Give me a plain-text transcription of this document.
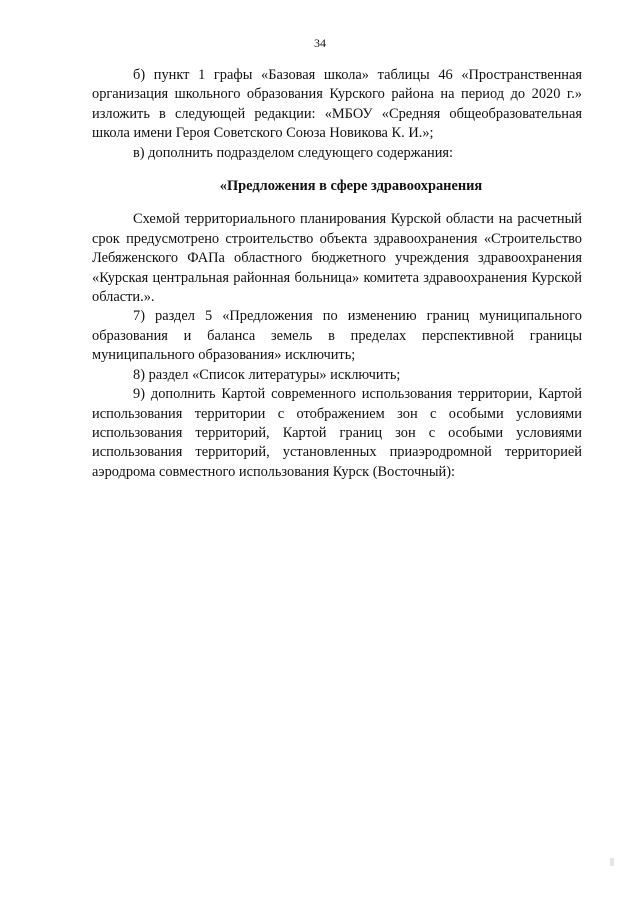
34

б) пункт 1 графы «Базовая школа» таблицы 46 «Пространственная организация школьного образования Курского района на период до 2020 г.» изложить в следующей редакции: «МБОУ «Средняя общеобразовательная школа имени Героя Советского Союза Новикова К. И.»;

в) дополнить подразделом следующего содержания:

«Предложения в сфере здравоохранения

Схемой территориального планирования Курской области на расчетный срок предусмотрено строительство объекта здравоохранения «Строительство Лебяженского ФАПа областного бюджетного учреждения здравоохранения «Курская центральная районная больница» комитета здравоохранения Курской области.».

7) раздел 5 «Предложения по изменению границ муниципального образования и баланса земель в пределах перспективной границы муниципального образования» исключить;

8) раздел «Список литературы» исключить;

9) дополнить Картой современного использования территории, Картой использования территории с отображением зон с особыми условиями использования территорий, Картой границ зон с особыми условиями использования территорий, установленных приаэродромной территорией аэродрома совместного использования Курск (Восточный):
